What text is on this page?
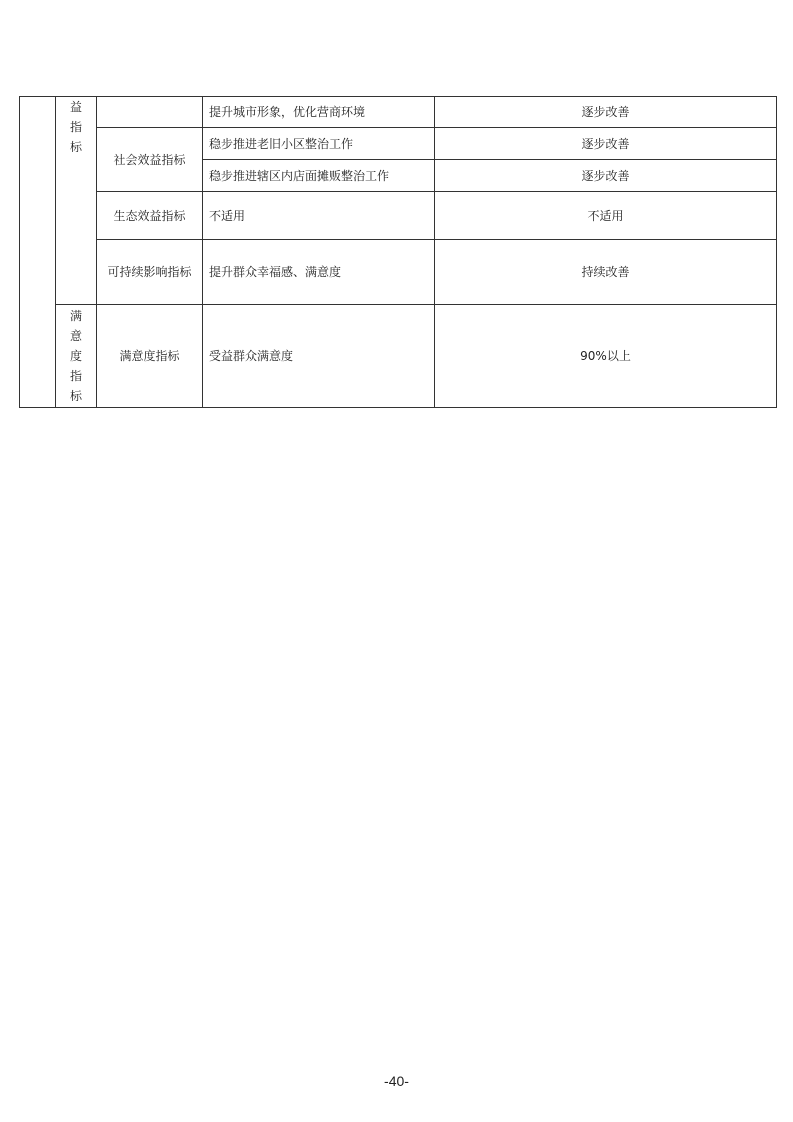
	益指标		提升城市形象，优化营商环境	逐步改善
		社会效益指标	稳步推进老旧小区整治工作	逐步改善
			稳步推进辖区内店面摊贩整治工作	逐步改善
		生态效益指标	不适用	不适用
		可持续影响指标	提升群众幸福感、满意度	持续改善
	满意度指标	满意度指标	受益群众满意度	90%以上
-40-
